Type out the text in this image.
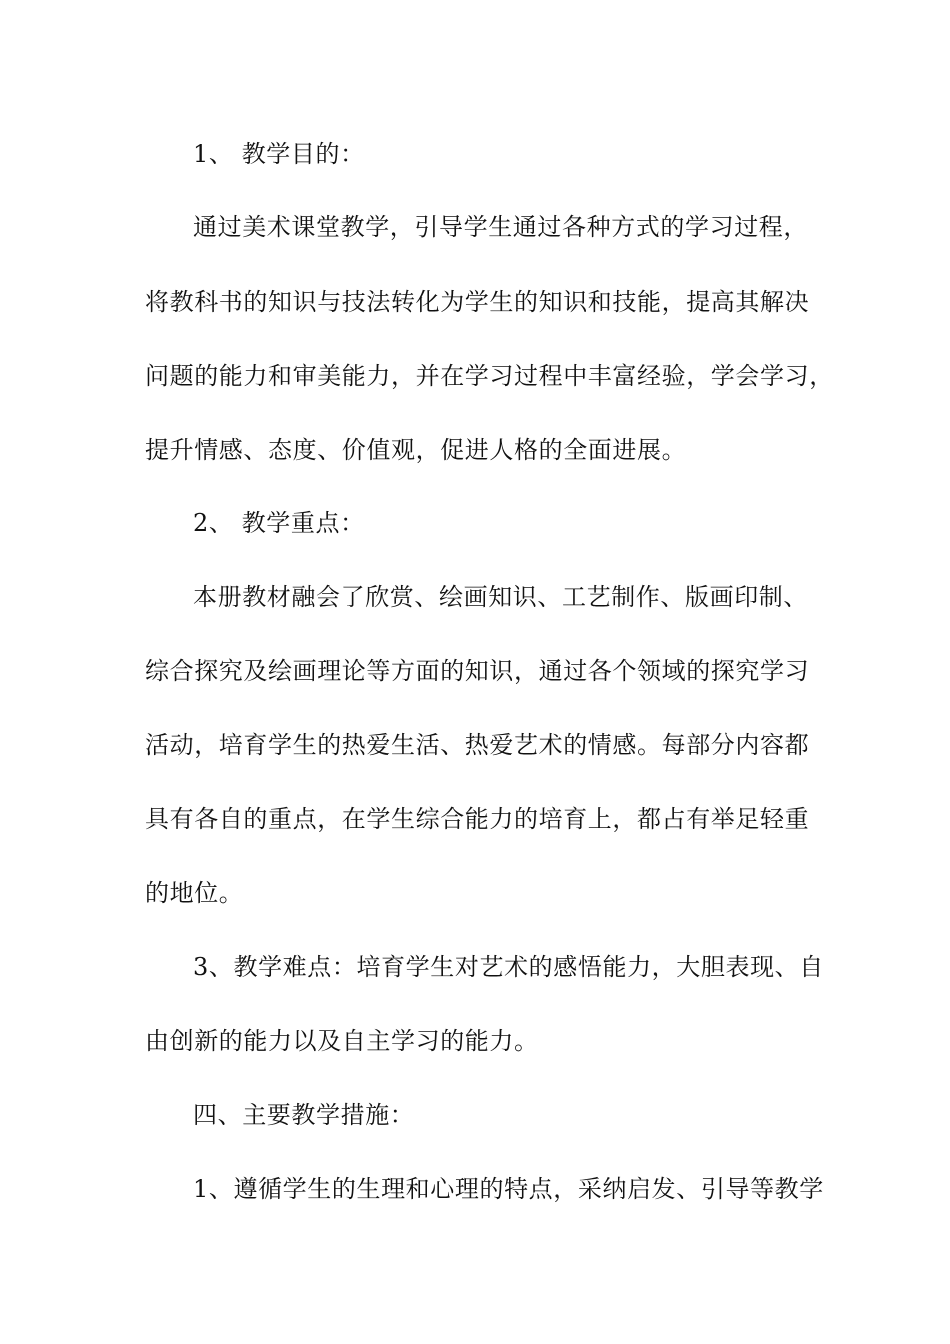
1、 教学目的：
通过美术课堂教学，引导学生通过各种方式的学习过程，
将教科书的知识与技法转化为学生的知识和技能，提高其解决
问题的能力和审美能力，并在学习过程中丰富经验，学会学习，
提升情感、态度、价值观，促进人格的全面进展。
2、 教学重点：
本册教材融会了欣赏、绘画知识、工艺制作、版画印制、
综合探究及绘画理论等方面的知识，通过各个领域的探究学习
活动，培育学生的热爱生活、热爱艺术的情感。每部分内容都
具有各自的重点，在学生综合能力的培育上，都占有举足轻重
的地位。
3、教学难点：培育学生对艺术的感悟能力，大胆表现、自
由创新的能力以及自主学习的能力。
四、主要教学措施：
1、遵循学生的生理和心理的特点，采纳启发、引导等教学
